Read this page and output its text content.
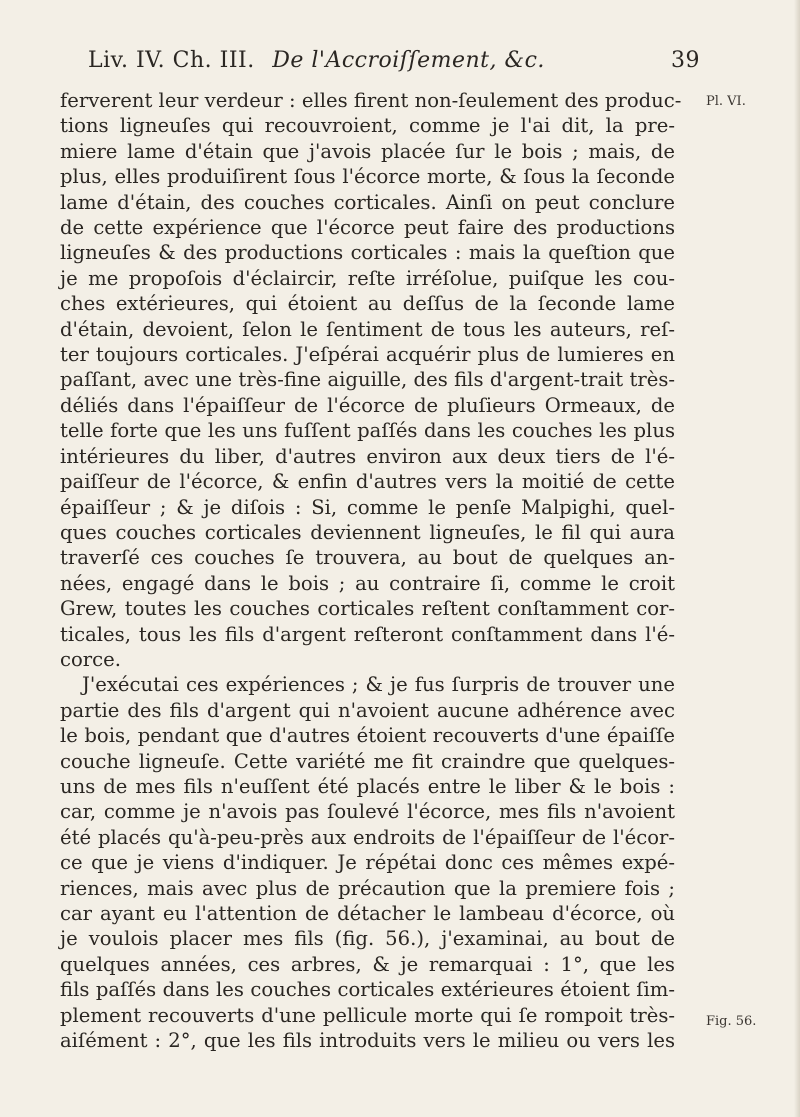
Liv. IV. Ch. III. De l'Accroiſſement, &c.	39
Pl. VI.
Fig. 56.
ferverent leur verdeur : elles firent non-ſeulement des produc-
tions ligneuſes qui recouvroient, comme je l'ai dit, la pre-
miere lame d'étain que j'avois placée ſur le bois ; mais, de
plus, elles produiſirent ſous l'écorce morte, & ſous la ſeconde
lame d'étain, des couches corticales. Ainſi on peut conclure
de cette expérience que l'écorce peut faire des productions
ligneuſes & des productions corticales : mais la queſtion que
je me propoſois d'éclaircir, reſte irréſolue, puiſque les cou-
ches extérieures, qui étoient au deſſus de la ſeconde lame
d'étain, devoient, ſelon le ſentiment de tous les auteurs, reſ-
ter toujours corticales. J'eſpérai acquérir plus de lumieres en
paſſant, avec une très-fine aiguille, des fils d'argent-trait très-
déliés dans l'épaiſſeur de l'écorce de pluſieurs Ormeaux, de
telle forte que les uns fuſſent paſſés dans les couches les plus
intérieures du liber, d'autres environ aux deux tiers de l'é-
paiſſeur de l'écorce, & enfin d'autres vers la moitié de cette
épaiſſeur ; & je diſois : Si, comme le penſe Malpighi, quel-
ques couches corticales deviennent ligneuſes, le fil qui aura
traverſé ces couches ſe trouvera, au bout de quelques an-
nées, engagé dans le bois ; au contraire ſi, comme le croit
Grew, toutes les couches corticales reſtent conſtamment cor-
ticales, tous les fils d'argent reſteront conſtamment dans l'é-
corce.
J'exécutai ces expériences ; & je fus ſurpris de trouver une
partie des fils d'argent qui n'avoient aucune adhérence avec
le bois, pendant que d'autres étoient recouverts d'une épaiſſe
couche ligneuſe. Cette variété me fit craindre que quelques-
uns de mes fils n'euſſent été placés entre le liber & le bois :
car, comme je n'avois pas ſoulevé l'écorce, mes fils n'avoient
été placés qu'à-peu-près aux endroits de l'épaiſſeur de l'écor-
ce que je viens d'indiquer. Je répétai donc ces mêmes expé-
riences, mais avec plus de précaution que la premiere fois ;
car ayant eu l'attention de détacher le lambeau d'écorce, où
je voulois placer mes fils (fig. 56.), j'examinai, au bout de
quelques années, ces arbres, & je remarquai : 1°, que les
fils paſſés dans les couches corticales extérieures étoient ſim-
plement recouverts d'une pellicule morte qui ſe rompoit très-
aiſément : 2°, que les fils introduits vers le milieu ou vers les
